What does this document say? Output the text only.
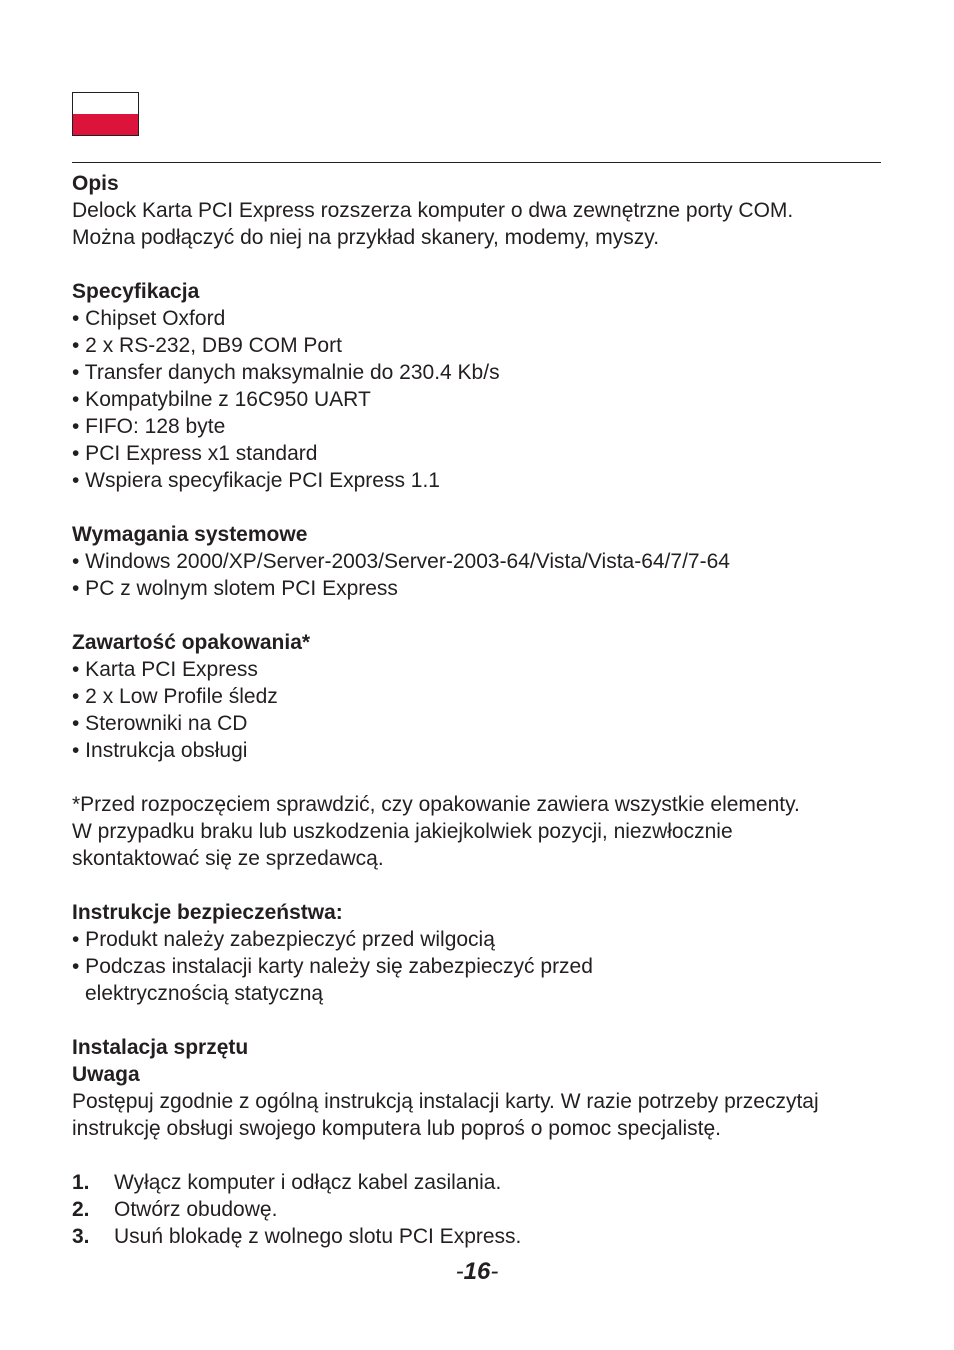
Opis

Delock Karta PCI Express rozszerza komputer o dwa zewnętrzne porty COM.

Można podłączyć do niej na przykład skanery, modemy, myszy.

Specyfikacja

• Chipset Oxford

• 2 x RS-232, DB9 COM Port

• Transfer danych maksymalnie do 230.4 Kb/s

• Kompatybilne z 16C950 UART

• FIFO: 128 byte

• PCI Express x1 standard

• Wspiera specyfikacje PCI Express 1.1

Wymagania systemowe

• Windows 2000/XP/Server-2003/Server-2003-64/Vista/Vista-64/7/7-64

• PC z wolnym slotem PCI Express

Zawartość opakowania*

• Karta PCI Express

• 2 x Low Profile śledz

• Sterowniki na CD

• Instrukcja obsługi

*Przed rozpoczęciem sprawdzić, czy opakowanie zawiera wszystkie elementy.

W przypadku braku lub uszkodzenia jakiejkolwiek pozycji, niezwłocznie

skontaktować się ze sprzedawcą.

Instrukcje bezpieczeństwa:

• Produkt należy zabezpieczyć przed wilgocią

• Podczas instalacji karty należy się zabezpieczyć przed

elektrycznością statyczną

Instalacja sprzętu

Uwaga

Postępuj zgodnie z ogólną instrukcją instalacji karty. W razie potrzeby przeczytaj

instrukcję obsługi swojego komputera lub poproś o pomoc specjalistę.

1.	Wyłącz komputer i odłącz kabel zasilania.
2.	Otwórz obudowę.
3.	Usuń blokadę z wolnego slotu PCI Express.
-16-
